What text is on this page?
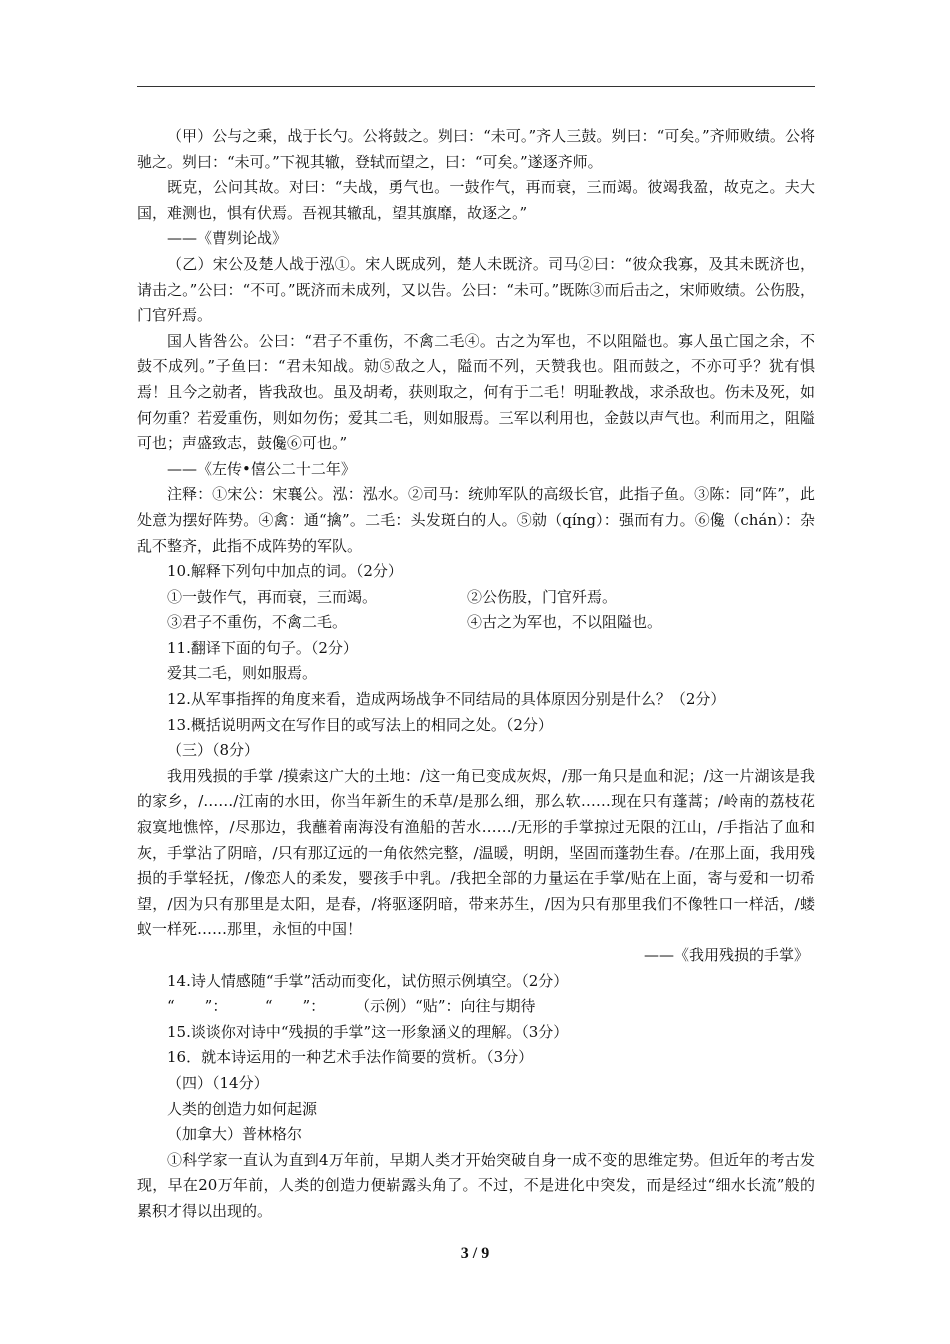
（甲）公与之乘，战于长勺。公将鼓之。刿曰：“未可。”齐人三鼓。刿曰：“可矣。”齐师败绩。公将驰之。刿曰：“未可。”下视其辙，登轼而望之，曰：“可矣。”遂逐齐师。

既克，公问其故。对曰：“夫战，勇气也。一鼓作气，再而衰，三而竭。彼竭我盈，故克之。夫大国，难测也，惧有伏焉。吾视其辙乱，望其旗靡，故逐之。”

——《曹刿论战》

（乙）宋公及楚人战于泓①。宋人既成列，楚人未既济。司马②曰：“彼众我寡，及其未既济也，请击之。”公曰：“不可。”既济而未成列，又以告。公曰：“未可。”既陈③而后击之，宋师败绩。公伤股，门官歼焉。

国人皆咎公。公曰：“君子不重伤，不禽二毛④。古之为军也，不以阻隘也。寡人虽亡国之余，不鼓不成列。”子鱼曰：“君未知战。勍⑤敌之人，隘而不列，天赞我也。阻而鼓之，不亦可乎？犹有惧焉！且今之勍者，皆我敌也。虽及胡耇，获则取之，何有于二毛！明耻教战，求杀敌也。伤未及死，如何勿重？若爱重伤，则如勿伤；爱其二毛，则如服焉。三军以利用也，金鼓以声气也。利而用之，阻隘可也；声盛致志，鼓儳⑥可也。”

——《左传•僖公二十二年》

注释：①宋公：宋襄公。泓：泓水。②司马：统帅军队的高级长官，此指子鱼。③陈：同“阵”，此处意为摆好阵势。④禽：通“擒”。二毛：头发斑白的人。⑤勍（qíng）：强而有力。⑥儳（chán）：杂乱不整齐，此指不成阵势的军队。

10.解释下列句中加点的词。（2分）

①一鼓作气，再而衰，三而竭。	②公伤股，门官歼焉。
③君子不重伤，不禽二毛。	④古之为军也，不以阻隘也。

11.翻译下面的句子。（2分）

爱其二毛，则如服焉。

12.从军事指挥的角度来看，造成两场战争不同结局的具体原因分别是什么？（2分）

13.概括说明两文在写作目的或写法上的相同之处。（2分）

（三）（8分）

我用残损的手掌 /摸索这广大的土地：/这一角已变成灰烬，/那一角只是血和泥；/这一片湖该是我的家乡，/……/江南的水田，你当年新生的禾草/是那么细，那么软……现在只有蓬蒿；/岭南的荔枝花寂寞地憔悴，/尽那边，我蘸着南海没有渔船的苦水……/无形的手掌掠过无限的江山，/手指沾了血和灰，手掌沾了阴暗，/只有那辽远的一角依然完整，/温暖，明朗，坚固而蓬勃生春。/在那上面，我用残损的手掌轻抚，/像恋人的柔发，婴孩手中乳。/我把全部的力量运在手掌/贴在上面，寄与爱和一切希望，/因为只有那里是太阳，是春，/将驱逐阴暗，带来苏生，/因为只有那里我们不像牲口一样活，/蝼蚁一样死……那里，永恒的中国！

——《我用残损的手掌》

14.诗人情感随“手掌”活动而变化，试仿照示例填空。（2分）

“　　”：　　　“　　”：　　　（示例）“贴”：向往与期待

15.谈谈你对诗中“残损的手掌”这一形象涵义的理解。（3分）

16．就本诗运用的一种艺术手法作简要的赏析。（3分）

（四）（14分）

人类的创造力如何起源

（加拿大）普林格尔

①科学家一直认为直到4万年前，早期人类才开始突破自身一成不变的思维定势。但近年的考古发现，早在20万年前，人类的创造力便崭露头角了。不过，不是进化中突发，而是经过“细水长流”般的累积才得以出现的。

3 / 9
